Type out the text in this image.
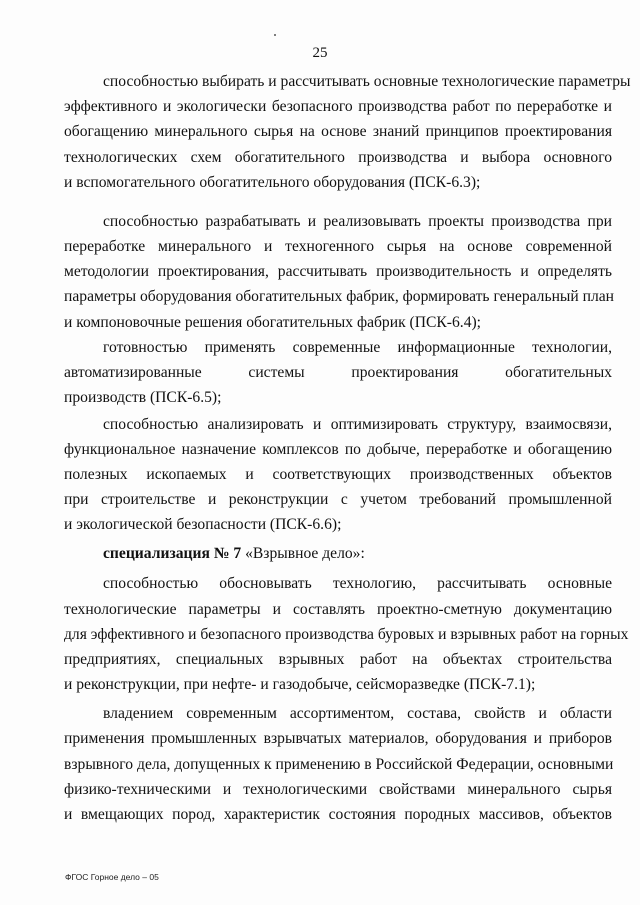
25
способностью выбирать и рассчитывать основные технологические параметры
эффективного и экологически безопасного производства работ по переработке и
обогащению минерального сырья на основе знаний принципов проектирования
технологических схем обогатительного производства и выбора основного
и вспомогательного обогатительного оборудования (ПСК-6.3);
способностью разрабатывать и реализовывать проекты производства при
переработке минерального и техногенного сырья на основе современной
методологии проектирования, рассчитывать производительность и определять
параметры оборудования обогатительных фабрик, формировать генеральный план
и компоновочные решения обогатительных фабрик (ПСК-6.4);
готовностью применять современные информационные технологии,
автоматизированные системы проектирования обогатительных
производств (ПСК-6.5);
способностью анализировать и оптимизировать структуру, взаимосвязи,
функциональное назначение комплексов по добыче, переработке и обогащению
полезных ископаемых и соответствующих производственных объектов
при строительстве и реконструкции с учетом требований промышленной
и экологической безопасности (ПСК-6.6);
специализация № 7 «Взрывное дело»:
способностью обосновывать технологию, рассчитывать основные
технологические параметры и составлять проектно-сметную документацию
для эффективного и безопасного производства буровых и взрывных работ на горных
предприятиях, специальных взрывных работ на объектах строительства
и реконструкции, при нефте- и газодобыче, сейсморазведке (ПСК-7.1);
владением современным ассортиментом, состава, свойств и области
применения промышленных взрывчатых материалов, оборудования и приборов
взрывного дела, допущенных к применению в Российской Федерации, основными
физико-техническими и технологическими свойствами минерального сырья
и вмещающих пород, характеристик состояния породных массивов, объектов
ФГОС Горное дело – 05
